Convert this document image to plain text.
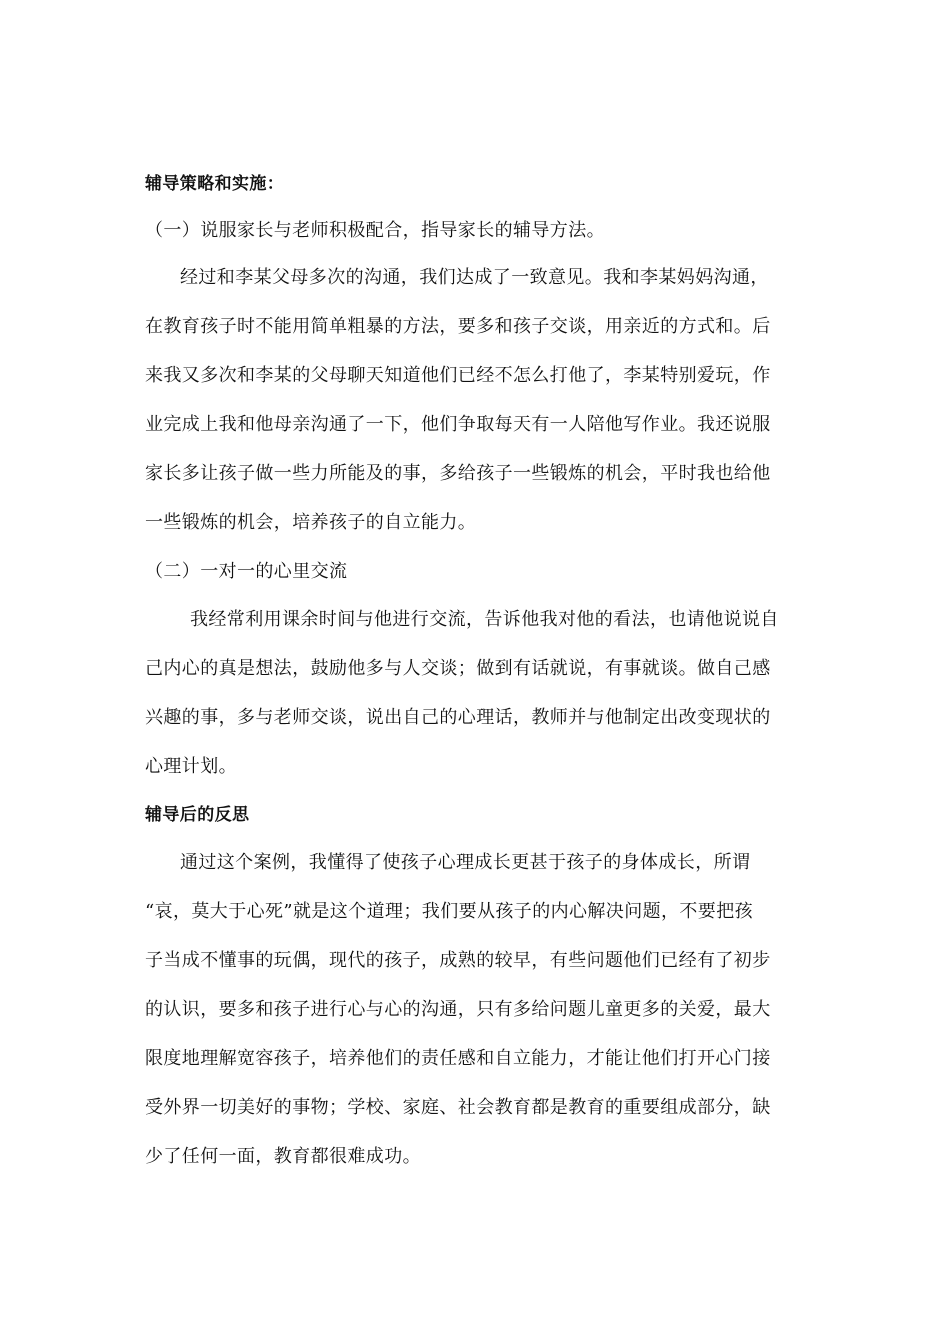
辅导策略和实施：
（一）说服家长与老师积极配合，指导家长的辅导方法。
经过和李某父母多次的沟通，我们达成了一致意见。我和李某妈妈沟通，
在教育孩子时不能用简单粗暴的方法，要多和孩子交谈，用亲近的方式和。后
来我又多次和李某的父母聊天知道他们已经不怎么打他了，李某特别爱玩，作
业完成上我和他母亲沟通了一下，他们争取每天有一人陪他写作业。我还说服
家长多让孩子做一些力所能及的事，多给孩子一些锻炼的机会，平时我也给他
一些锻炼的机会，培养孩子的自立能力。
（二）一对一的心里交流
我经常利用课余时间与他进行交流，告诉他我对他的看法，也请他说说自
己内心的真是想法，鼓励他多与人交谈；做到有话就说，有事就谈。做自己感
兴趣的事，多与老师交谈，说出自己的心理话，教师并与他制定出改变现状的
心理计划。
辅导后的反思
通过这个案例，我懂得了使孩子心理成长更甚于孩子的身体成长，所谓
“哀，莫大于心死”就是这个道理；我们要从孩子的内心解决问题，不要把孩
子当成不懂事的玩偶，现代的孩子，成熟的较早，有些问题他们已经有了初步
的认识，要多和孩子进行心与心的沟通，只有多给问题儿童更多的关爱，最大
限度地理解宽容孩子，培养他们的责任感和自立能力，才能让他们打开心门接
受外界一切美好的事物；学校、家庭、社会教育都是教育的重要组成部分，缺
少了任何一面，教育都很难成功。
